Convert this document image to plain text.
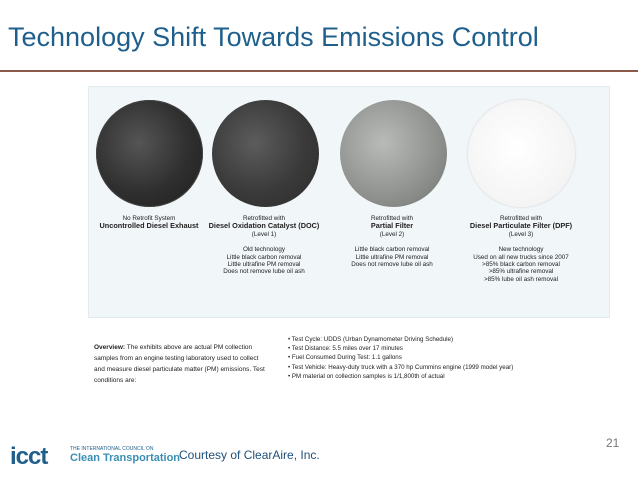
Technology Shift Towards Emissions Control
No Retrofit System
Uncontrolled Diesel Exhaust
Retrofitted with
Diesel Oxidation Catalyst (DOC)
(Level 1)
Old technology
Little black carbon removal
Little ultrafine PM removal
Does not remove lube oil ash
Retrofitted with
Partial Filter
(Level 2)
Little black carbon removal
Little ultrafine PM removal
Does not remove lube oil ash
Retrofitted with
Diesel Particulate Filter (DPF)
(Level 3)
New technology
Used on all new trucks since 2007
>85% black carbon removal
>85% ultrafine removal
>85% lube oil ash removal
Overview: The exhibits above are actual PM collection samples from an engine testing laboratory used to collect and measure diesel particulate matter (PM) emissions. Test conditions are:
• Test Cycle: UDDS (Urban Dynamometer Driving Schedule)
• Test Distance: 5.5 miles over 17 minutes
• Fuel Consumed During Test: 1.1 gallons
• Test Vehicle: Heavy-duty truck with a 370 hp Cummins engine (1999 model year)
• PM material on collection samples is 1/1,800th of actual
icct	THE INTERNATIONAL COUNCIL ON
Clean Transportation
Courtesy of ClearAire, Inc.
21
